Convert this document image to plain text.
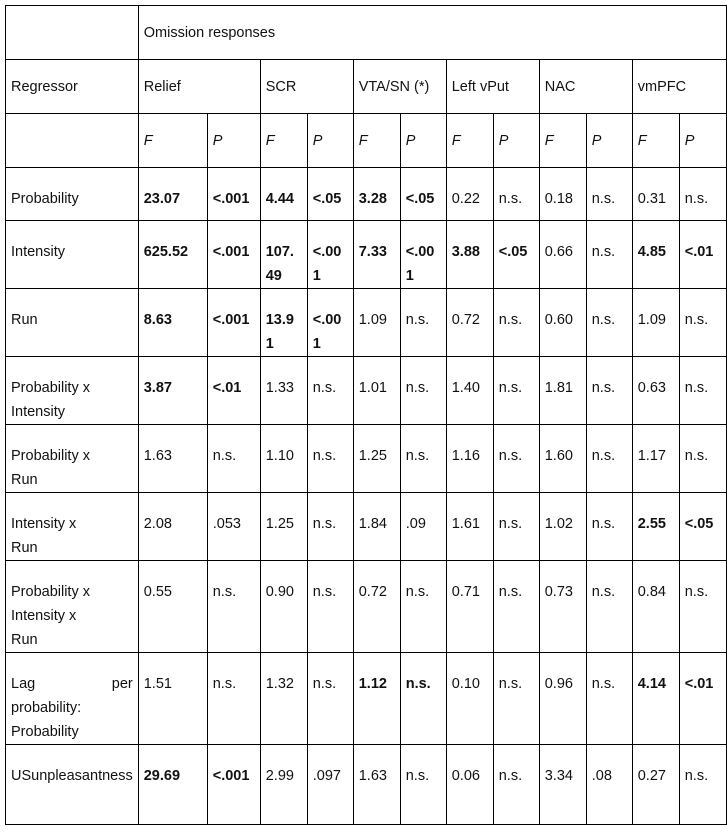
	Omission responses											
Regressor	Relief		SCR		VTA/SN (*)		Left vPut		NAC		vmPFC	
	F	P	F	P	F	P	F	P	F	P	F	P

Probability	23.07	<.001	4.44	<.05	3.28	<.05	0.22	n.s.	0.18	n.s.	0.31	n.s.

Intensity	625.52	<.001	107.49	<.001	7.33	<.001	3.88	<.05	0.66	n.s.	4.85	<.01

Run	8.63	<.001	13.91	<.001	1.09	n.s.	0.72	n.s.	0.60	n.s.	1.09	n.s.

Probability x
Intensity	3.87	<.01	1.33	n.s.	1.01	n.s.	1.40	n.s.	1.81	n.s.	0.63	n.s.

Probability x
Run	1.63	n.s.	1.10	n.s.	1.25	n.s.	1.16	n.s.	1.60	n.s.	1.17	n.s.

Intensity x
Run	2.08	.053	1.25	n.s.	1.84	.09	1.61	n.s.	1.02	n.s.	2.55	<.05

Probability x
Intensity x
Run	0.55	n.s.	0.90	n.s.	0.72	n.s.	0.71	n.s.	0.73	n.s.	0.84	n.s.

Lag per
probability:
Probability	1.51	n.s.	1.32	n.s.	1.12	n.s.	0.10	n.s.	0.96	n.s.	4.14	<.01

USunpleasantness	29.69	<.001	2.99	.097	1.63	n.s.	0.06	n.s.	3.34	.08	0.27	n.s.
